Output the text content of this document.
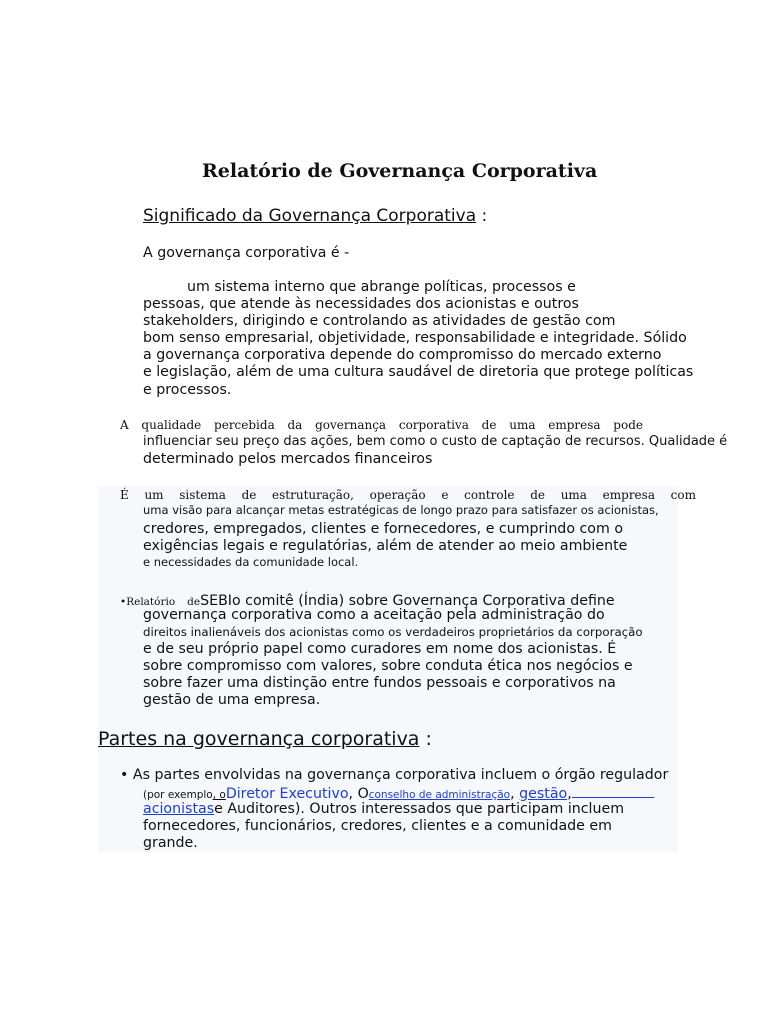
Relatório de Governança Corporativa
Significado da Governança Corporativa :
A governança corporativa é -
um sistema interno que abrange políticas, processos e
pessoas, que atende às necessidades dos acionistas e outros
stakeholders, dirigindo e controlando as atividades de gestão com
bom senso empresarial, objetividade, responsabilidade e integridade. Sólido
a governança corporativa depende do compromisso do mercado externo
e legislação, além de uma cultura saudável de diretoria que protege políticas
e processos.
A qualidade percebida da governança corporativa de uma empresa pode
influenciar seu preço das ações, bem como o custo de captação de recursos. Qualidade é
determinado pelos mercados financeiros
É um sistema de estruturação, operação e controle de uma empresa com
uma visão para alcançar metas estratégicas de longo prazo para satisfazer os acionistas,
credores, empregados, clientes e fornecedores, e cumprindo com o
exigências legais e regulatórias, além de atender ao meio ambiente
e necessidades da comunidade local.
•Relatório deSEBIo comitê (Índia) sobre Governança Corporativa define
governança corporativa como a aceitação pela administração do
direitos inalienáveis dos acionistas como os verdadeiros proprietários da corporação
e de seu próprio papel como curadores em nome dos acionistas. É
sobre compromisso com valores, sobre conduta ética nos negócios e
sobre fazer uma distinção entre fundos pessoais e corporativos na
gestão de uma empresa.
Partes na governança corporativa :
• As partes envolvidas na governança corporativa incluem o órgão regulador
(por exemplo, oDiretor Executivo, Oconselho de administração, gestão,
acionistase Auditores). Outros interessados que participam incluem
fornecedores, funcionários, credores, clientes e a comunidade em
grande.
